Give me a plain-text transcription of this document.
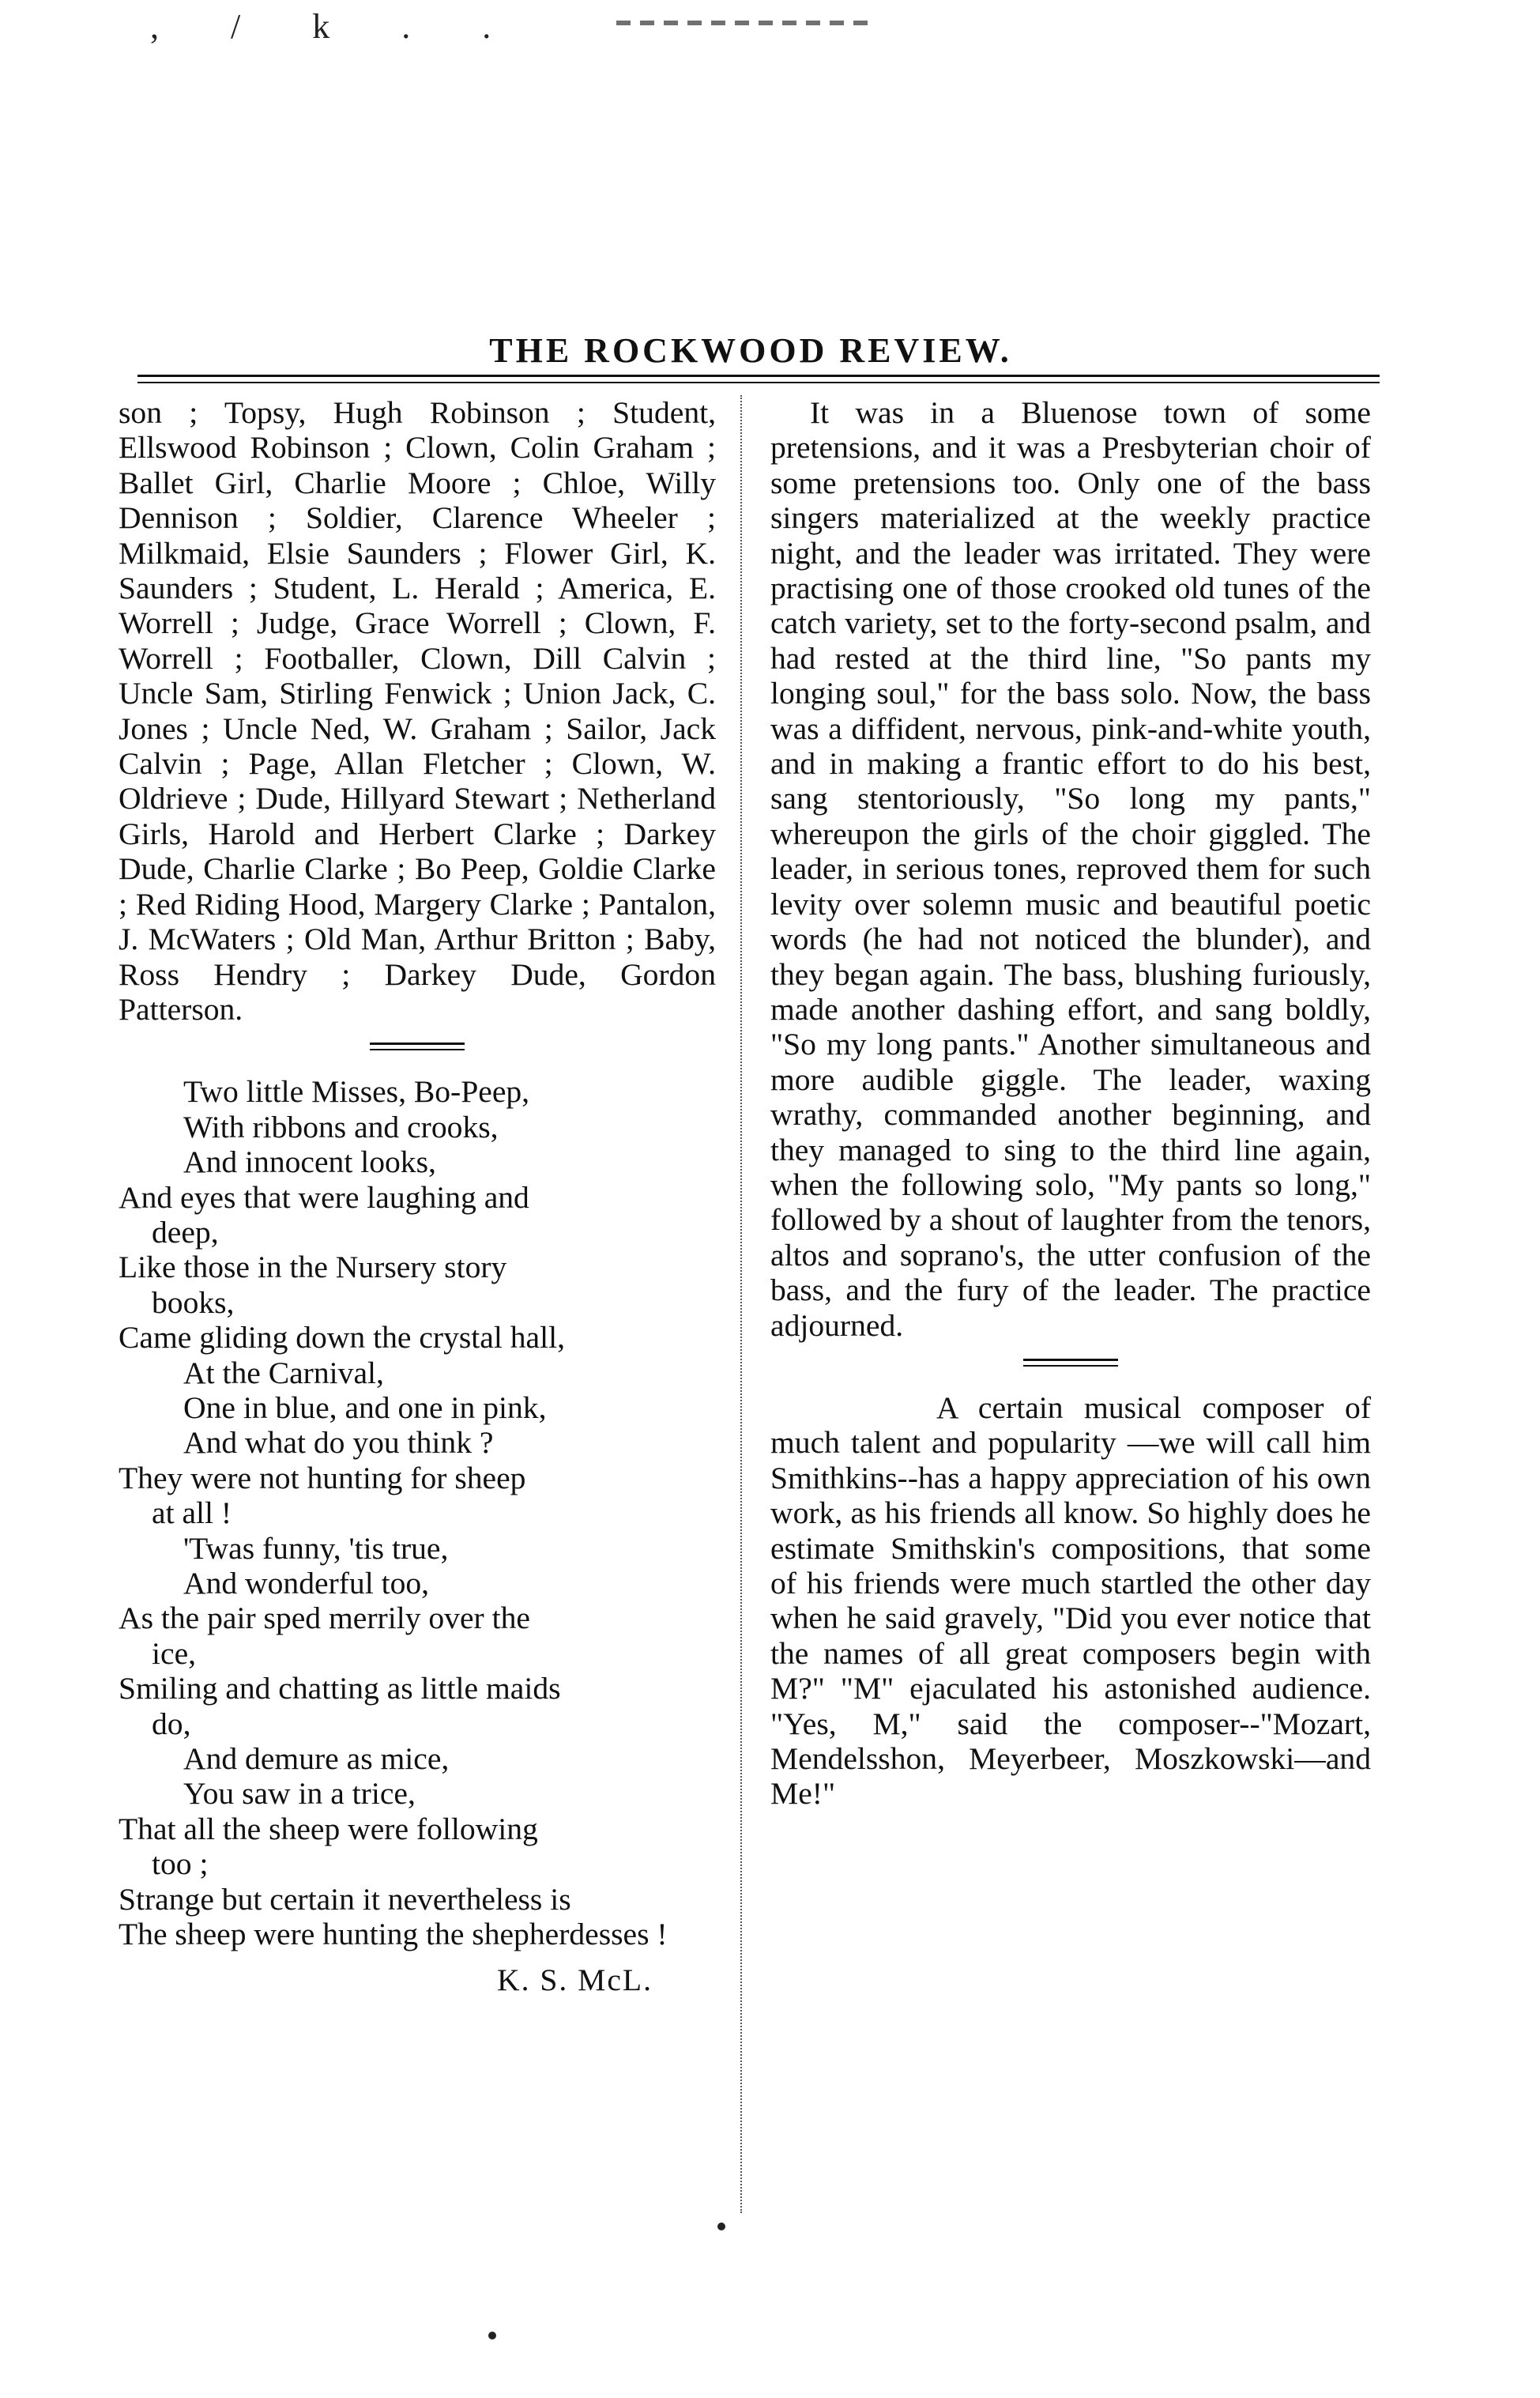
, / k . .
THE ROCKWOOD REVIEW.

son ; Topsy, Hugh Robinson ; Student, Ellswood Robinson ; Clown, Colin Graham ; Ballet Girl, Charlie Moore ; Chloe, Willy Dennison ; Soldier, Clarence Wheeler ; Milkmaid, Elsie Saunders ; Flower Girl, K. Saunders ; Student, L. Herald ; America, E. Worrell ; Judge, Grace Worrell ; Clown, F. Worrell ; Footballer, Clown, Dill Calvin ; Uncle Sam, Stirling Fenwick ; Union Jack, C. Jones ; Uncle Ned, W. Graham ; Sailor, Jack Calvin ; Page, Allan Fletcher ; Clown, W. Oldrieve ; Dude, Hillyard Stewart ; Netherland Girls, Harold and Herbert Clarke ; Darkey Dude, Charlie Clarke ; Bo Peep, Goldie Clarke ; Red Riding Hood, Margery Clarke ; Pantalon, J. McWaters ; Old Man, Arthur Britton ; Baby, Ross Hendry ; Darkey Dude, Gordon Patterson.

Two little Misses, Bo-Peep,
With ribbons and crooks,
And innocent looks,
And eyes that were laughing and
deep,
Like those in the Nursery story
books,
Came gliding down the crystal hall,
At the Carnival,
One in blue, and one in pink,
And what do you think ?
They were not hunting for sheep
at all !
'Twas funny, 'tis true,
And wonderful too,
As the pair sped merrily over the
ice,
Smiling and chatting as little maids
do,
And demure as mice,
You saw in a trice,
That all the sheep were following
too ;
Strange but certain it nevertheless is
The sheep were hunting the shepherdesses !
K. S. McL.

It was in a Bluenose town of some pretensions, and it was a Presbyterian choir of some pretensions too. Only one of the bass singers materialized at the weekly practice night, and the leader was irritated. They were practising one of those crooked old tunes of the catch variety, set to the forty-second psalm, and had rested at the third line, "So pants my longing soul," for the bass solo. Now, the bass was a diffident, nervous, pink-and-white youth, and in making a frantic effort to do his best, sang stentoriously, "So long my pants," whereupon the girls of the choir giggled. The leader, in serious tones, reproved them for such levity over solemn music and beautiful poetic words (he had not noticed the blunder), and they began again. The bass, blushing furiously, made another dashing effort, and sang boldly, "So my long pants." Another simultaneous and more audible giggle. The leader, waxing wrathy, commanded another beginning, and they managed to sing to the third line again, when the following solo, "My pants so long," followed by a shout of laughter from the tenors, altos and soprano's, the utter confusion of the bass, and the fury of the leader. The practice adjourned.

A certain musical composer of much talent and popularity —we will call him Smithkins--has a happy appreciation of his own work, as his friends all know. So highly does he estimate Smithskin's compositions, that some of his friends were much startled the other day when he said gravely, "Did you ever notice that the names of all great composers begin with M?" "M" ejaculated his astonished audience. "Yes, M," said the composer--"Mozart, Mendelsshon, Meyerbeer, Moszkowski—and Me!"
